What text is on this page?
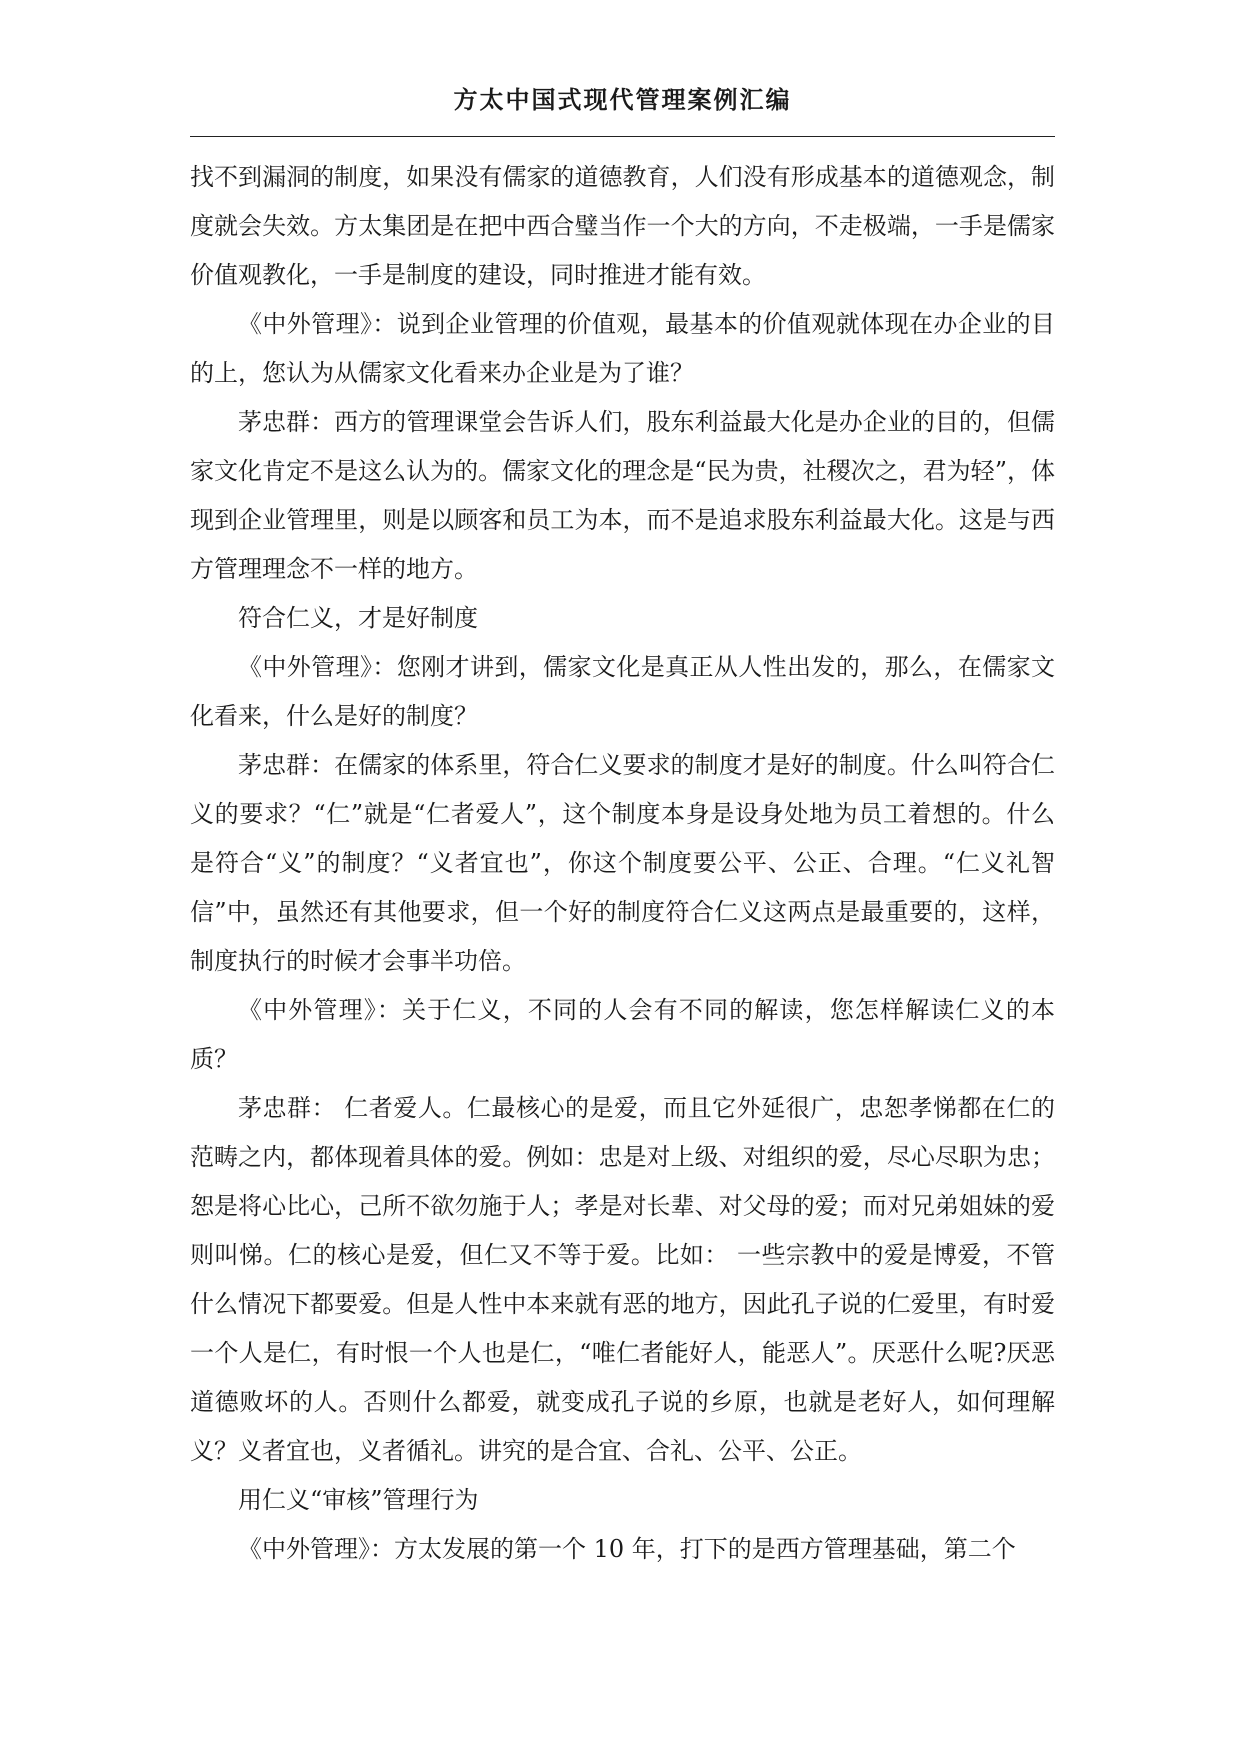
方太中国式现代管理案例汇编

找不到漏洞的制度，如果没有儒家的道德教育，人们没有形成基本的道德观念，制度就会失效。方太集团是在把中西合璧当作一个大的方向，不走极端，一手是儒家价值观教化，一手是制度的建设，同时推进才能有效。

《中外管理》：说到企业管理的价值观，最基本的价值观就体现在办企业的目的上，您认为从儒家文化看来办企业是为了谁？

茅忠群：西方的管理课堂会告诉人们，股东利益最大化是办企业的目的，但儒家文化肯定不是这么认为的。儒家文化的理念是“民为贵，社稷次之，君为轻”，体现到企业管理里，则是以顾客和员工为本，而不是追求股东利益最大化。这是与西方管理理念不一样的地方。

符合仁义，才是好制度

《中外管理》：您刚才讲到，儒家文化是真正从人性出发的，那么，在儒家文化看来，什么是好的制度？

茅忠群：在儒家的体系里，符合仁义要求的制度才是好的制度。什么叫符合仁义的要求？“仁”就是“仁者爱人”，这个制度本身是设身处地为员工着想的。什么是符合“义”的制度？“义者宜也”，你这个制度要公平、公正、合理。“仁义礼智信”中，虽然还有其他要求，但一个好的制度符合仁义这两点是最重要的，这样，制度执行的时候才会事半功倍。

《中外管理》：关于仁义，不同的人会有不同的解读，您怎样解读仁义的本质？

茅忠群： 仁者爱人。仁最核心的是爱，而且它外延很广，忠恕孝悌都在仁的范畴之内，都体现着具体的爱。例如：忠是对上级、对组织的爱，尽心尽职为忠；恕是将心比心，己所不欲勿施于人；孝是对长辈、对父母的爱；而对兄弟姐妹的爱则叫悌。仁的核心是爱，但仁又不等于爱。比如： 一些宗教中的爱是博爱，不管什么情况下都要爱。但是人性中本来就有恶的地方，因此孔子说的仁爱里，有时爱一个人是仁，有时恨一个人也是仁，“唯仁者能好人，能恶人”。厌恶什么呢?厌恶道德败坏的人。否则什么都爱，就变成孔子说的乡原，也就是老好人，如何理解义？义者宜也，义者循礼。讲究的是合宜、合礼、公平、公正。

用仁义“审核”管理行为

《中外管理》：方太发展的第一个 10 年，打下的是西方管理基础，第二个
